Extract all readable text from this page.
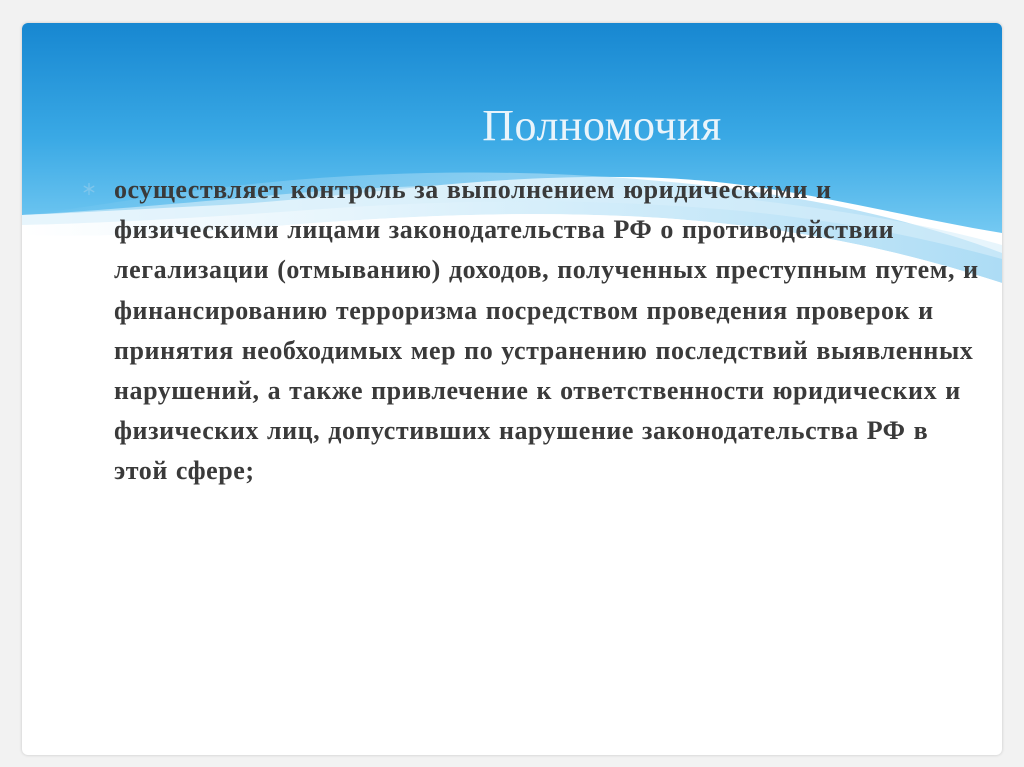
Полномочия

осуществляет контроль за выполнением юридическими и физическими лицами законодательства РФ о противодействии легализации (отмыванию) доходов, полученных преступным путем, и финансированию терроризма посредством проведения проверок и принятия необходимых мер по устранению последствий выявленных нарушений, а также привлечение к ответственности юридических и физических лиц, допустивших нарушение законодательства РФ в этой сфере;
